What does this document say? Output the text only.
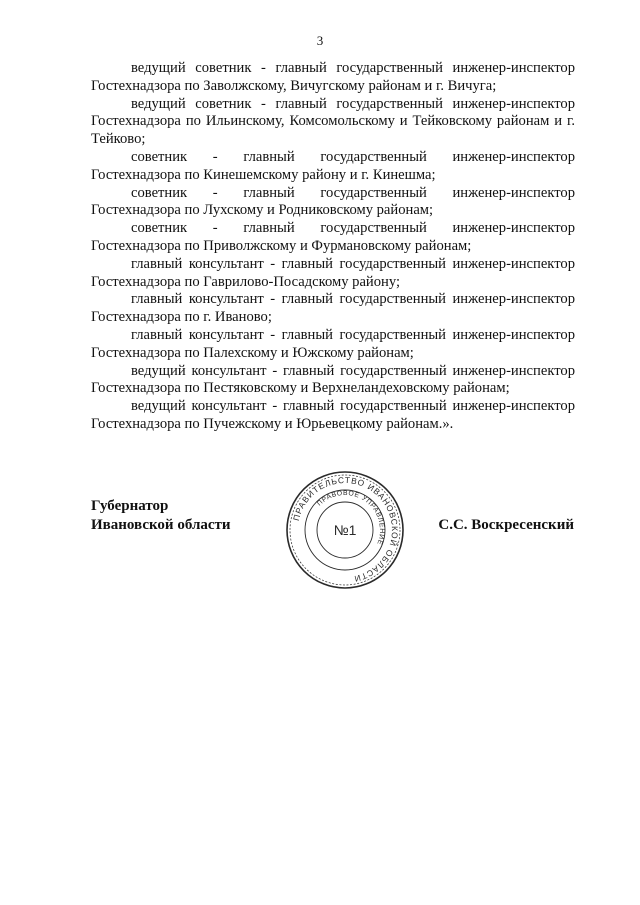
3

ведущий советник - главный государственный инженер-инспектор Гостехнадзора по Заволжскому, Вичугскому районам и г. Вичуга;

ведущий советник - главный государственный инженер-инспектор Гостехнадзора по Ильинскому, Комсомольскому и Тейковскому районам и г. Тейково;

советник - главный государственный инженер-инспектор Гостехнадзора по Кинешемскому району и г. Кинешма;

советник - главный государственный инженер-инспектор Гостехнадзора по Лухскому и Родниковскому районам;

советник - главный государственный инженер-инспектор Гостехнадзора по Приволжскому и Фурмановскому районам;

главный консультант - главный государственный инженер-инспектор Гостехнадзора по Гаврилово-Посадскому району;

главный консультант - главный государственный инженер-инспектор Гостехнадзора по г. Иваново;

главный консультант - главный государственный инженер-инспектор Гостехнадзора по Палехскому и Южскому районам;

ведущий консультант - главный государственный инженер-инспектор Гостехнадзора по Пестяковскому и Верхнеландеховскому районам;

ведущий консультант - главный государственный инженер-инспектор Гостехнадзора по Пучежскому и Юрьевецкому районам.».

Губернатор
Ивановской области	ПРАВИТЕЛЬСТВО ИВАНОВСКОЙ ОБЛАСТИ
ПРАВОВОЕ УПРАВЛЕНИЕ
№1	С.С. Воскресенский
